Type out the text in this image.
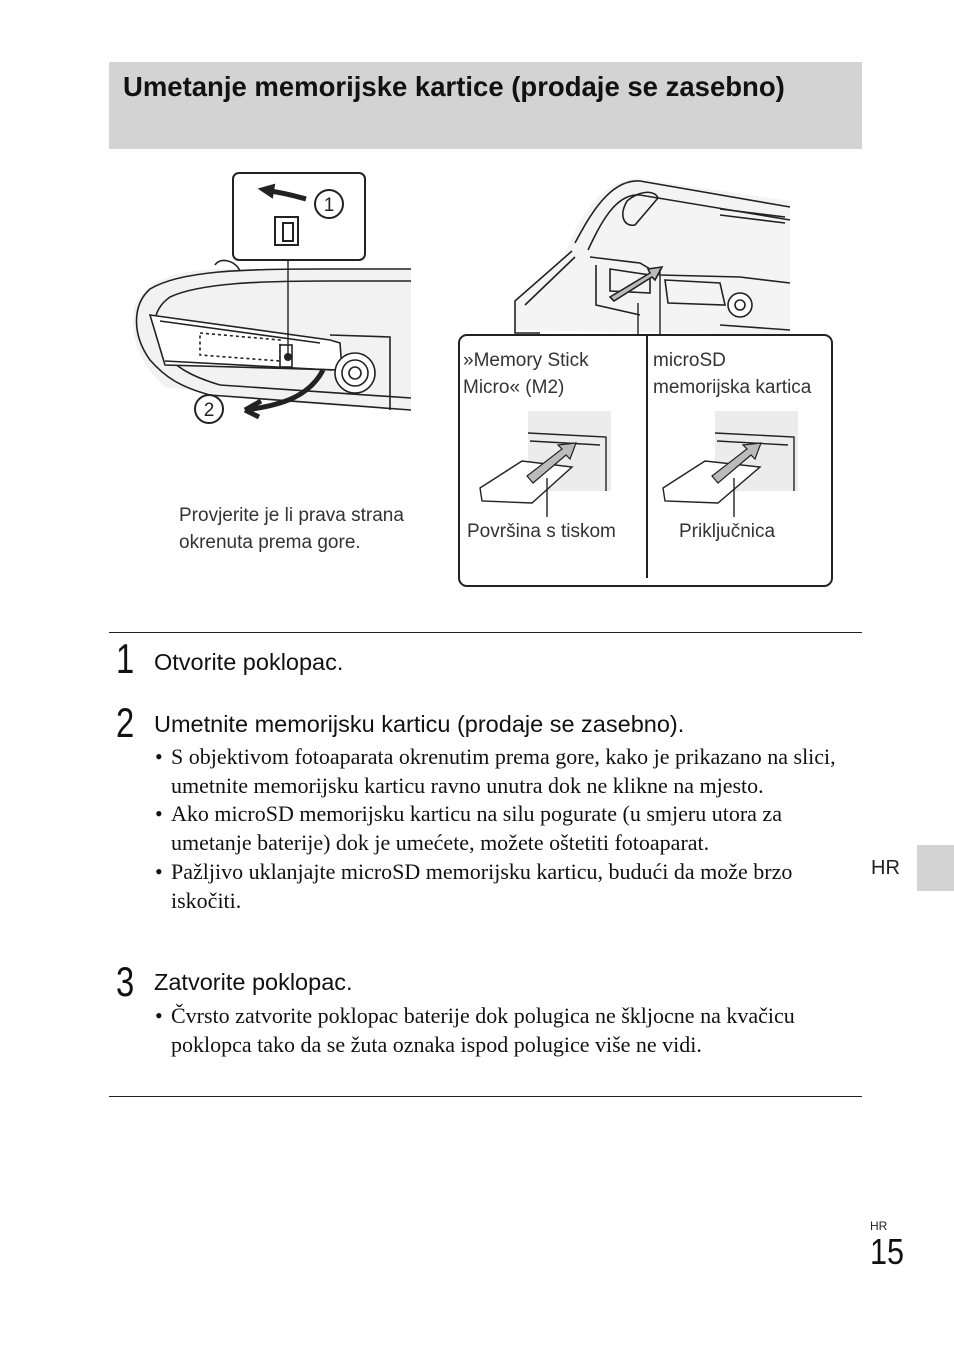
Umetanje memorijske kartice (prodaje se zasebno)
1
2
Provjerite je li prava strana
okrenuta prema gore.
»Memory Stick
Micro« (M2)
microSD
memorijska kartica
Površina s tiskom	Priključnica
1 Otvorite poklopac.
2 Umetnite memorijsku karticu (prodaje se zasebno).
• S objektivom fotoaparata okrenutim prema gore, kako je prikazano na slici, umetnite memorijsku karticu ravno unutra dok ne klikne na mjesto.
• Ako microSD memorijsku karticu na silu pogurate (u smjeru utora za umetanje baterije) dok je umećete, možete oštetiti fotoaparat.
• Pažljivo uklanjajte microSD memorijsku karticu, budući da može brzo iskočiti.
3 Zatvorite poklopac.
• Čvrsto zatvorite poklopac baterije dok polugica ne škljocne na kvačicu poklopca tako da se žuta oznaka ispod polugice više ne vidi.
HR
HR
15
